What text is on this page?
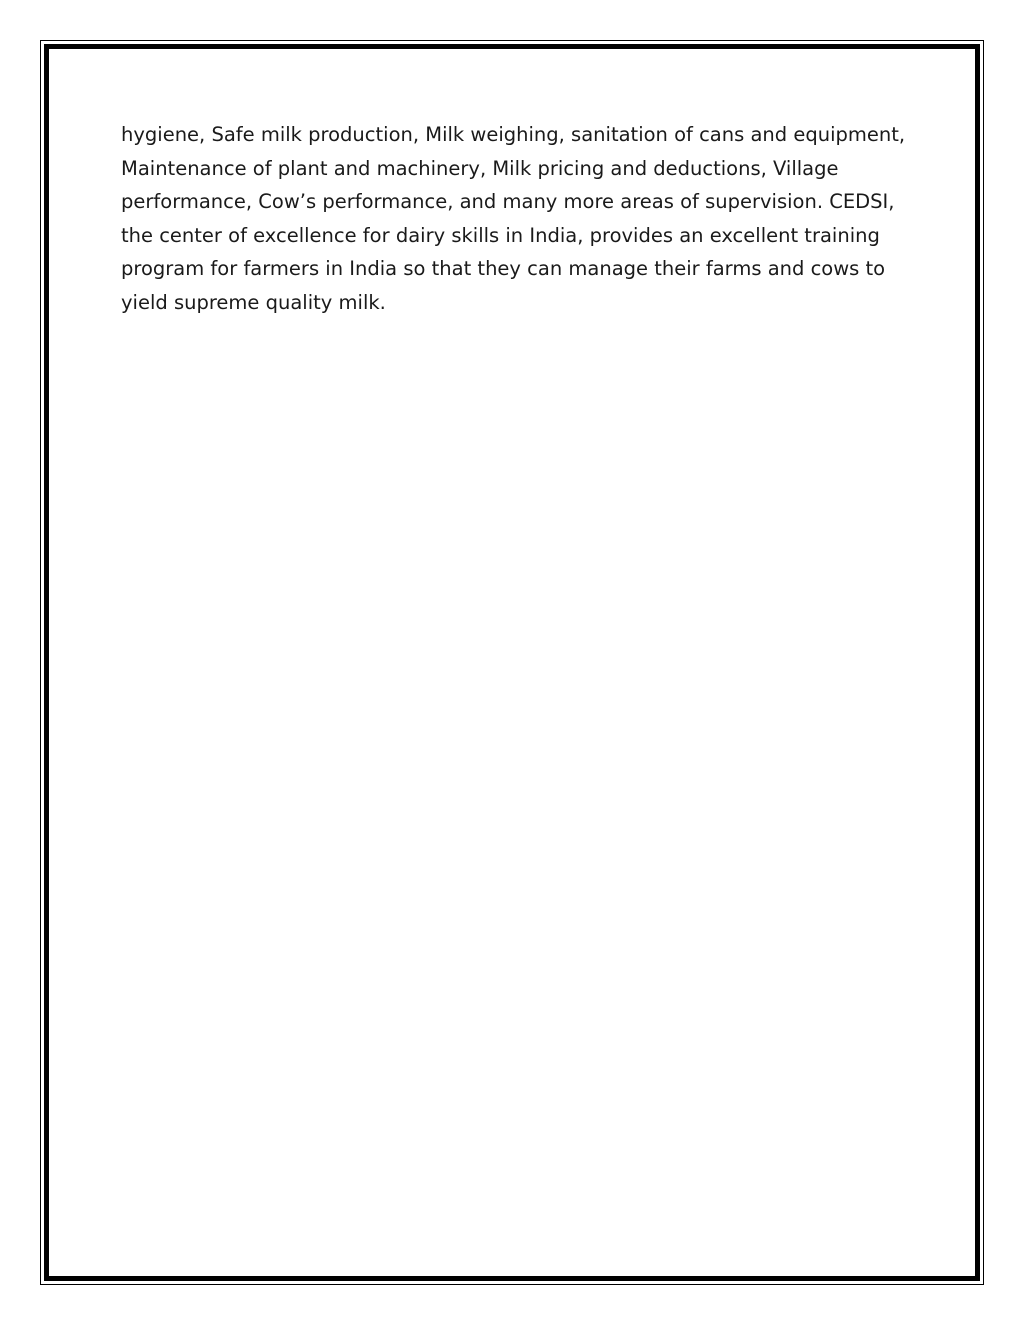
hygiene, Safe milk production, Milk weighing, sanitation of cans and equipment, Maintenance of plant and machinery, Milk pricing and deductions, Village performance, Cow’s performance, and many more areas of supervision. CEDSI, the center of excellence for dairy skills in India, provides an excellent training program for farmers in India so that they can manage their farms and cows to yield supreme quality milk.
